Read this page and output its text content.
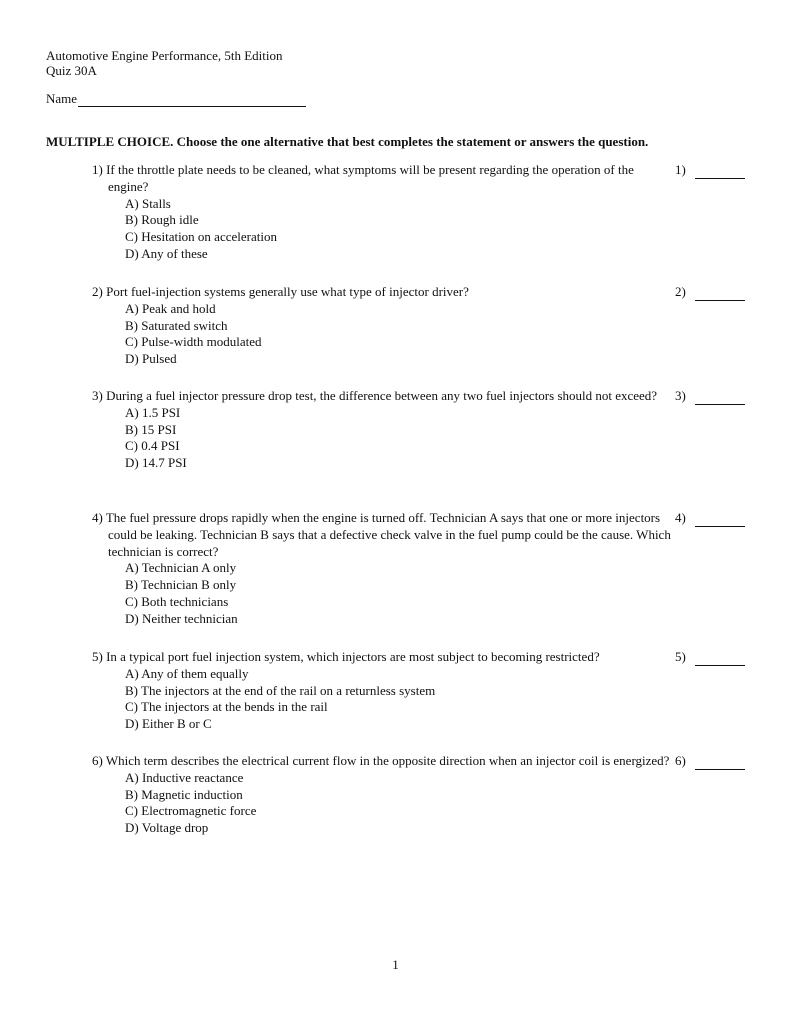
Automotive Engine Performance, 5th Edition
Quiz 30A
Name
MULTIPLE CHOICE. Choose the one alternative that best completes the statement or answers the question.
1) If the throttle plate needs to be cleaned, what symptoms will be present regarding the operation of the engine?
1)
A) Stalls
B) Rough idle
C) Hesitation on acceleration
D) Any of these
2) Port fuel-injection systems generally use what type of injector driver?	2)
A) Peak and hold
B) Saturated switch
C) Pulse-width modulated
D) Pulsed
3) During a fuel injector pressure drop test, the difference between any two fuel injectors should not exceed?	3)
A) 1.5 PSI
B) 15 PSI
C) 0.4 PSI
D) 14.7 PSI
4) The fuel pressure drops rapidly when the engine is turned off. Technician A says that one or more injectors could be leaking. Technician B says that a defective check valve in the fuel pump could be the cause. Which technician is correct?
4)
A) Technician A only
B) Technician B only
C) Both technicians
D) Neither technician
5) In a typical port fuel injection system, which injectors are most subject to becoming restricted?	5)
A) Any of them equally
B) The injectors at the end of the rail on a returnless system
C) The injectors at the bends in the rail
D) Either B or C
6) Which term describes the electrical current flow in the opposite direction when an injector coil is energized? 6)
A) Inductive reactance
B) Magnetic induction
C) Electromagnetic force
D) Voltage drop
1
